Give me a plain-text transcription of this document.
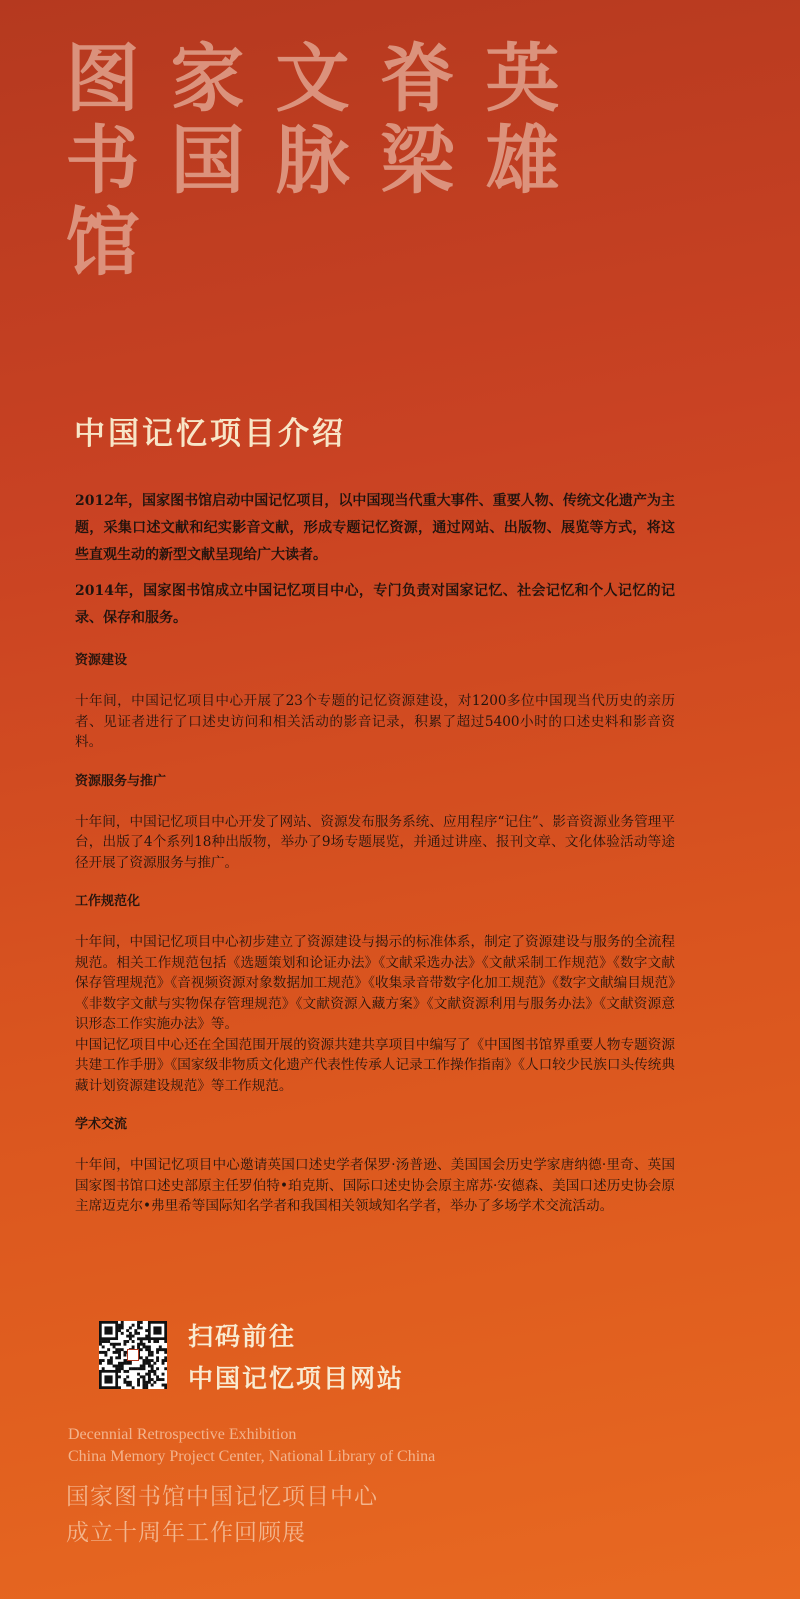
图
书
馆
家
国
文
脉
脊
梁
英
雄
中国记忆项目介绍

2012年，国家图书馆启动中国记忆项目，以中国现当代重大事件、重要人物、传统文化遗产为主题，采集口述文献和纪实影音文献，形成专题记忆资源，通过网站、出版物、展览等方式，将这些直观生动的新型文献呈现给广大读者。

2014年，国家图书馆成立中国记忆项目中心，专门负责对国家记忆、社会记忆和个人记忆的记录、保存和服务。

资源建设

十年间，中国记忆项目中心开展了23个专题的记忆资源建设，对1200多位中国现当代历史的亲历者、见证者进行了口述史访问和相关活动的影音记录，积累了超过5400小时的口述史料和影音资料。

资源服务与推广

十年间，中国记忆项目中心开发了网站、资源发布服务系统、应用程序“记住”、影音资源业务管理平台，出版了4个系列18种出版物，举办了9场专题展览，并通过讲座、报刊文章、文化体验活动等途径开展了资源服务与推广。

工作规范化

十年间，中国记忆项目中心初步建立了资源建设与揭示的标准体系，制定了资源建设与服务的全流程规范。相关工作规范包括《选题策划和论证办法》《文献采选办法》《文献采制工作规范》《数字文献保存管理规范》《音视频资源对象数据加工规范》《收集录音带数字化加工规范》《数字文献编目规范》《非数字文献与实物保存管理规范》《文献资源入藏方案》《文献资源利用与服务办法》《文献资源意识形态工作实施办法》等。

中国记忆项目中心还在全国范围开展的资源共建共享项目中编写了《中国图书馆界重要人物专题资源共建工作手册》《国家级非物质文化遗产代表性传承人记录工作操作指南》《人口较少民族口头传统典藏计划资源建设规范》等工作规范。

学术交流

十年间，中国记忆项目中心邀请英国口述史学者保罗·汤普逊、美国国会历史学家唐纳德·里奇、英国国家图书馆口述史部原主任罗伯特•珀克斯、国际口述史协会原主席苏·安德森、美国口述历史协会原主席迈克尔•弗里希等国际知名学者和我国相关领域知名学者，举办了多场学术交流活动。

扫码前往
中国记忆项目网站
Decennial Retrospective Exhibition
China Memory Project Center, National Library of China
国家图书馆中国记忆项目中心
成立十周年工作回顾展
